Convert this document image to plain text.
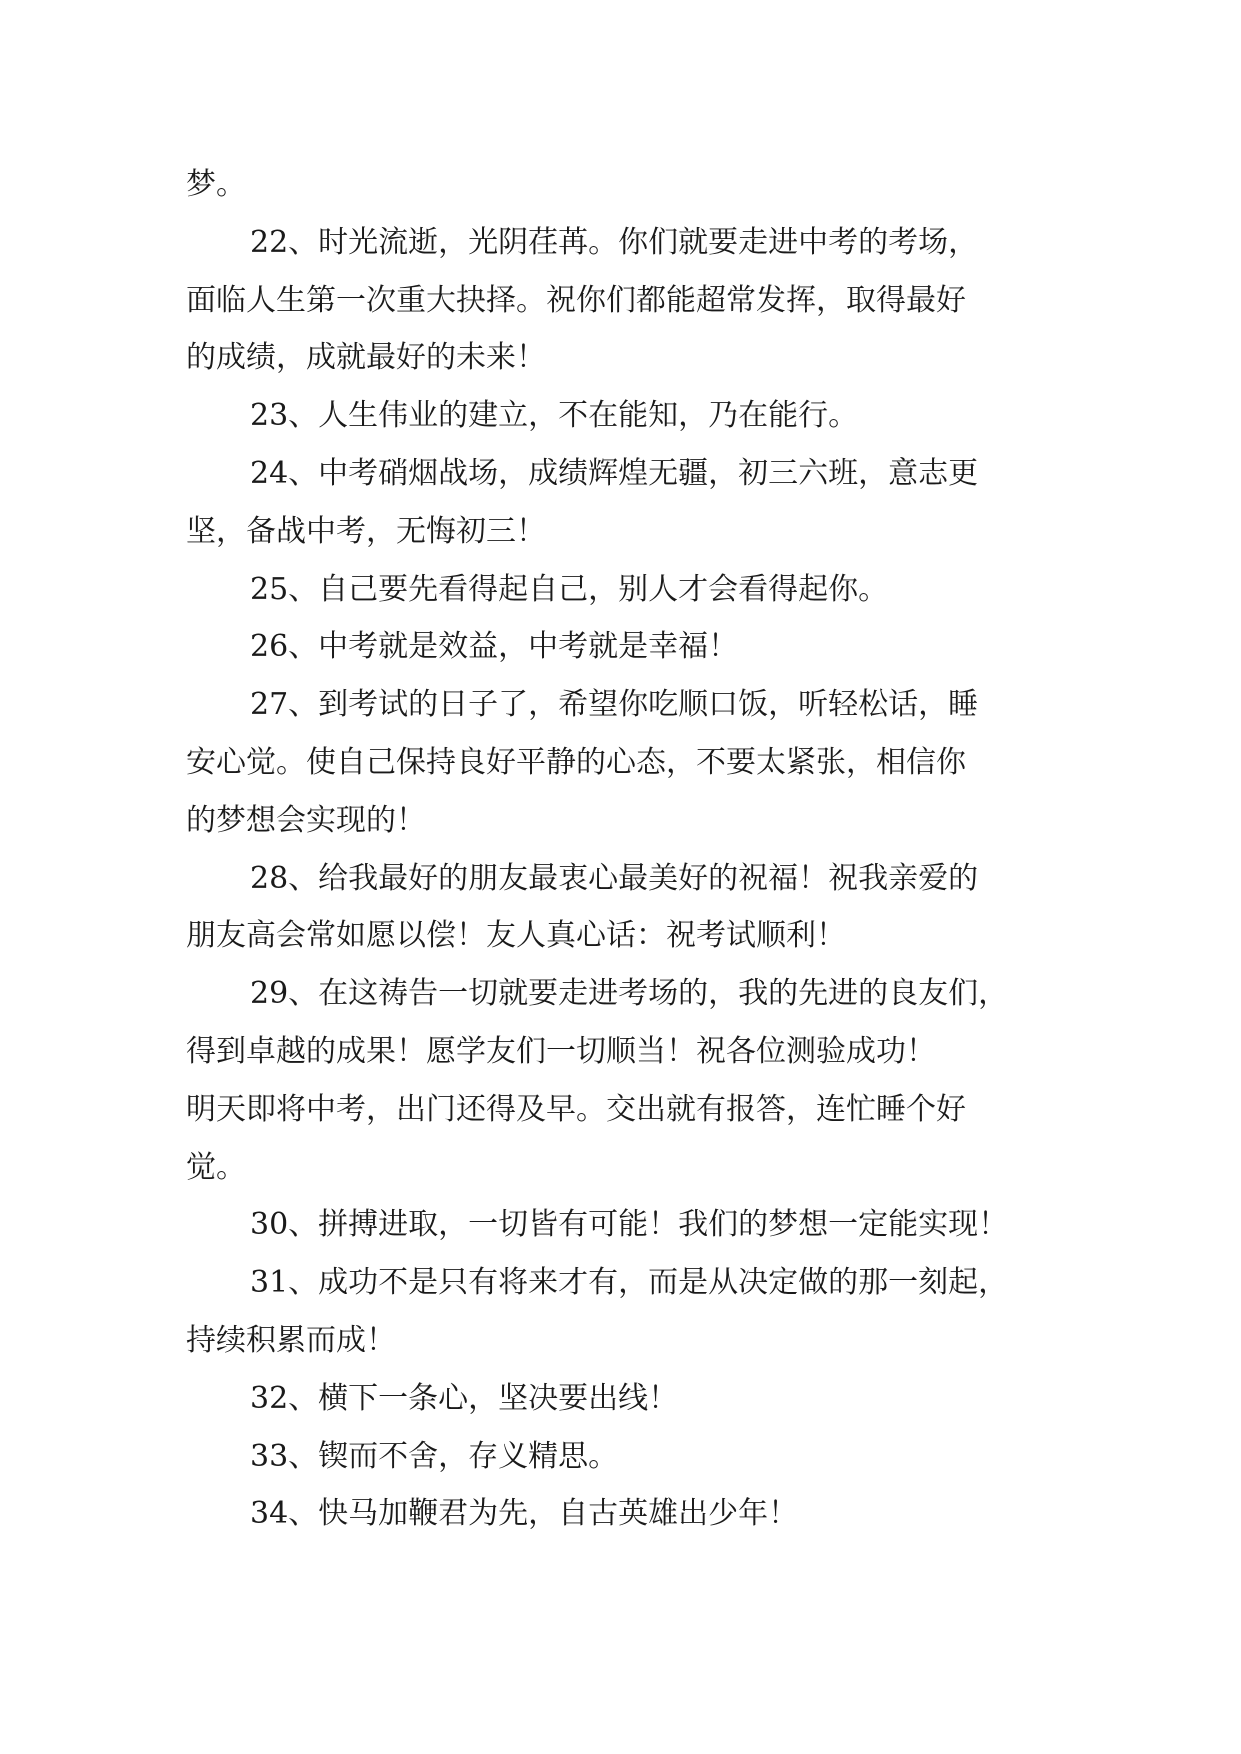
梦。
22、时光流逝，光阴荏苒。你们就要走进中考的考场，
面临人生第一次重大抉择。祝你们都能超常发挥，取得最好
的成绩，成就最好的未来！
23、人生伟业的建立，不在能知，乃在能行。
24、中考硝烟战场，成绩辉煌无疆，初三六班，意志更
坚，备战中考，无悔初三！
25、自己要先看得起自己，别人才会看得起你。
26、中考就是效益，中考就是幸福！
27、到考试的日子了，希望你吃顺口饭，听轻松话，睡
安心觉。使自己保持良好平静的心态，不要太紧张，相信你
的梦想会实现的！
28、给我最好的朋友最衷心最美好的祝福！祝我亲爱的
朋友高会常如愿以偿！友人真心话：祝考试顺利！
29、在这祷告一切就要走进考场的，我的先进的良友们，
得到卓越的成果！愿学友们一切顺当！祝各位测验成功！
明天即将中考，出门还得及早。交出就有报答，连忙睡个好
觉。
30、拼搏进取，一切皆有可能！我们的梦想一定能实现！
31、成功不是只有将来才有，而是从决定做的那一刻起，
持续积累而成！
32、横下一条心，坚决要出线！
33、锲而不舍，存义精思。
34、快马加鞭君为先，自古英雄出少年！
